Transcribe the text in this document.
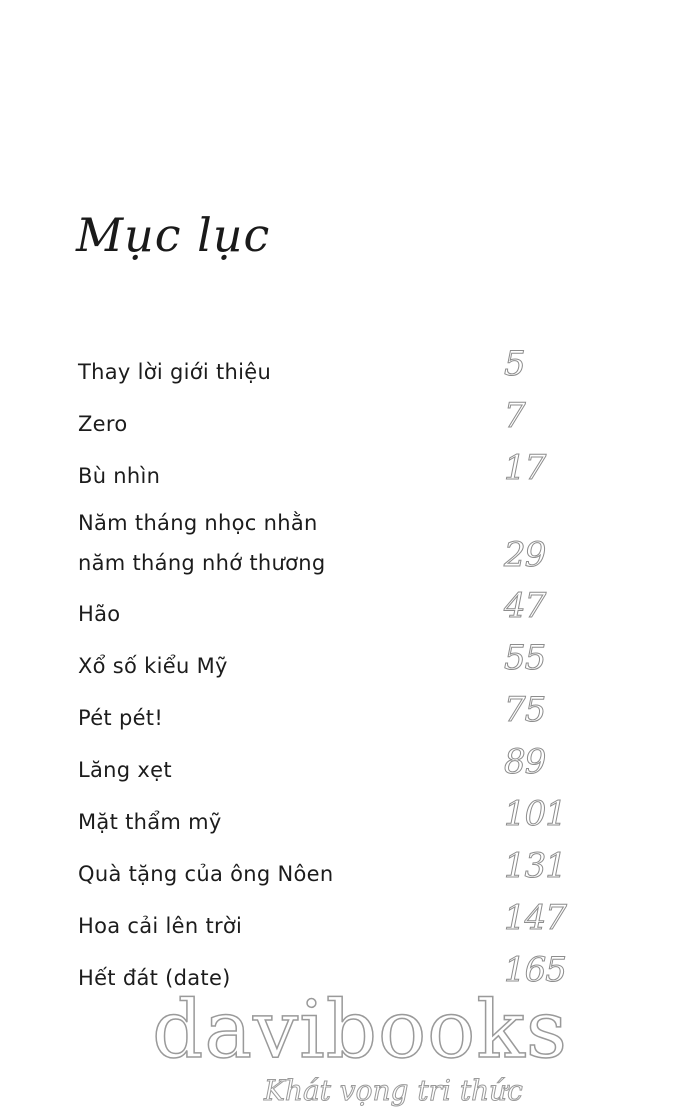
Mục lục
Thay lời giới thiệu	5
Zero	7
Bù nhìn	17
Năm tháng nhọc nhằn
năm tháng nhớ thương	29
Hão	47
Xổ số kiểu Mỹ	55
Pét pét!	75
Lăng xẹt	89
Mặt thẩm mỹ	101
Quà tặng của ông Nôen	131
Hoa cải lên trời	147
Hết đát (date)	165
davibooks
Khát vọng tri thức
